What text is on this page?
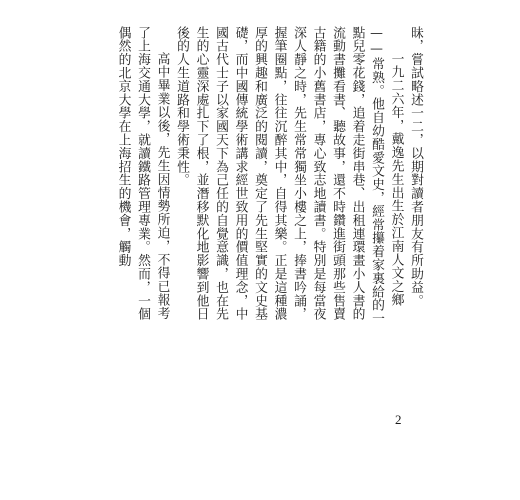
昧，嘗試略述一二，以期對讀者朋友有所助益。

一九二六年，戴逸先生出生於江南人文之鄉——常熟。他自幼酷愛文史，經常攥着家裏給的一點兒零花錢，追着走街串巷、出租連環畫小人書的流動書攤看書、聽故事，還不時鑽進街頭那些售賣古籍的小舊書店，專心致志地讀書。特別是每當夜深人靜之時，先生常常獨坐小樓之上，捧書吟誦，握筆圈點，往往沉醉其中，自得其樂。正是這種濃厚的興趣和廣泛的閱讀，奠定了先生堅實的文史基礎，而中國傳統學術講求經世致用的價值理念，中國古代士子以家國天下為己任的自覺意識，也在先生的心靈深處扎下了根，並潛移默化地影響到他日後的人生道路和學術秉性。

高中畢業以後，先生因情勢所迫，不得已報考了上海交通大學，就讀鐵路管理專業。然而，一個偶然的北京大學在上海招生的機會，觸動

2
